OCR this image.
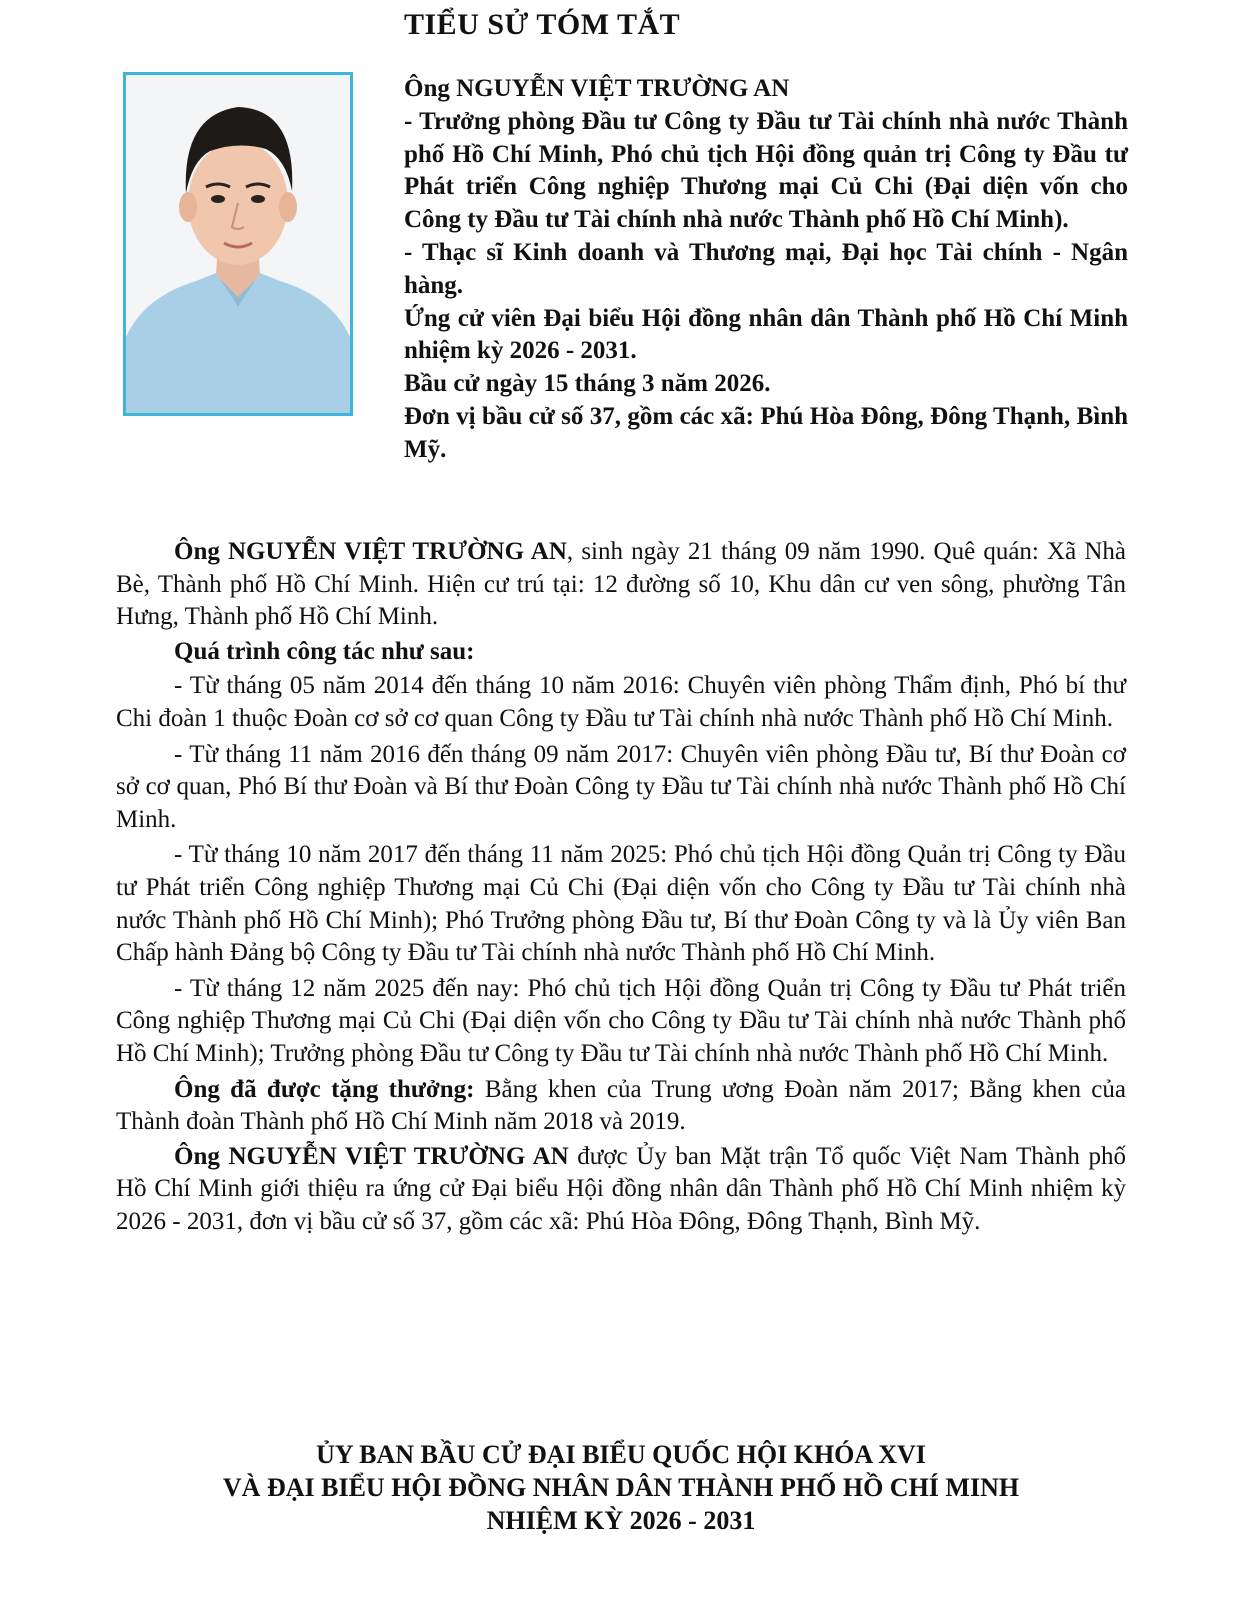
TIỂU SỬ TÓM TẮT

Ông NGUYỄN VIỆT TRƯỜNG AN

- Trưởng phòng Đầu tư Công ty Đầu tư Tài chính nhà nước Thành phố Hồ Chí Minh, Phó chủ tịch Hội đồng quản trị Công ty Đầu tư Phát triển Công nghiệp Thương mại Củ Chi (Đại diện vốn cho Công ty Đầu tư Tài chính nhà nước Thành phố Hồ Chí Minh).

- Thạc sĩ Kinh doanh và Thương mại, Đại học Tài chính - Ngân hàng.

Ứng cử viên Đại biểu Hội đồng nhân dân Thành phố Hồ Chí Minh nhiệm kỳ 2026 - 2031.

Bầu cử ngày 15 tháng 3 năm 2026.

Đơn vị bầu cử số 37, gồm các xã: Phú Hòa Đông, Đông Thạnh, Bình Mỹ.

Ông NGUYỄN VIỆT TRƯỜNG AN, sinh ngày 21 tháng 09 năm 1990. Quê quán: Xã Nhà Bè, Thành phố Hồ Chí Minh. Hiện cư trú tại: 12 đường số 10, Khu dân cư ven sông, phường Tân Hưng, Thành phố Hồ Chí Minh.

Quá trình công tác như sau:

- Từ tháng 05 năm 2014 đến tháng 10 năm 2016: Chuyên viên phòng Thẩm định, Phó bí thư Chi đoàn 1 thuộc Đoàn cơ sở cơ quan Công ty Đầu tư Tài chính nhà nước Thành phố Hồ Chí Minh.

- Từ tháng 11 năm 2016 đến tháng 09 năm 2017: Chuyên viên phòng Đầu tư, Bí thư Đoàn cơ sở cơ quan, Phó Bí thư Đoàn và Bí thư Đoàn Công ty Đầu tư Tài chính nhà nước Thành phố Hồ Chí Minh.

- Từ tháng 10 năm 2017 đến tháng 11 năm 2025: Phó chủ tịch Hội đồng Quản trị Công ty Đầu tư Phát triển Công nghiệp Thương mại Củ Chi (Đại diện vốn cho Công ty Đầu tư Tài chính nhà nước Thành phố Hồ Chí Minh); Phó Trưởng phòng Đầu tư, Bí thư Đoàn Công ty và là Ủy viên Ban Chấp hành Đảng bộ Công ty Đầu tư Tài chính nhà nước Thành phố Hồ Chí Minh.

- Từ tháng 12 năm 2025 đến nay: Phó chủ tịch Hội đồng Quản trị Công ty Đầu tư Phát triển Công nghiệp Thương mại Củ Chi (Đại diện vốn cho Công ty Đầu tư Tài chính nhà nước Thành phố Hồ Chí Minh); Trưởng phòng Đầu tư Công ty Đầu tư Tài chính nhà nước Thành phố Hồ Chí Minh.

Ông đã được tặng thưởng: Bằng khen của Trung ương Đoàn năm 2017; Bằng khen của Thành đoàn Thành phố Hồ Chí Minh năm 2018 và 2019.

Ông NGUYỄN VIỆT TRƯỜNG AN được Ủy ban Mặt trận Tổ quốc Việt Nam Thành phố Hồ Chí Minh giới thiệu ra ứng cử Đại biểu Hội đồng nhân dân Thành phố Hồ Chí Minh nhiệm kỳ 2026 - 2031, đơn vị bầu cử số 37, gồm các xã: Phú Hòa Đông, Đông Thạnh, Bình Mỹ.

ỦY BAN BẦU CỬ ĐẠI BIỂU QUỐC HỘI KHÓA XVI
VÀ ĐẠI BIỂU HỘI ĐỒNG NHÂN DÂN THÀNH PHỐ HỒ CHÍ MINH
NHIỆM KỲ 2026 - 2031
